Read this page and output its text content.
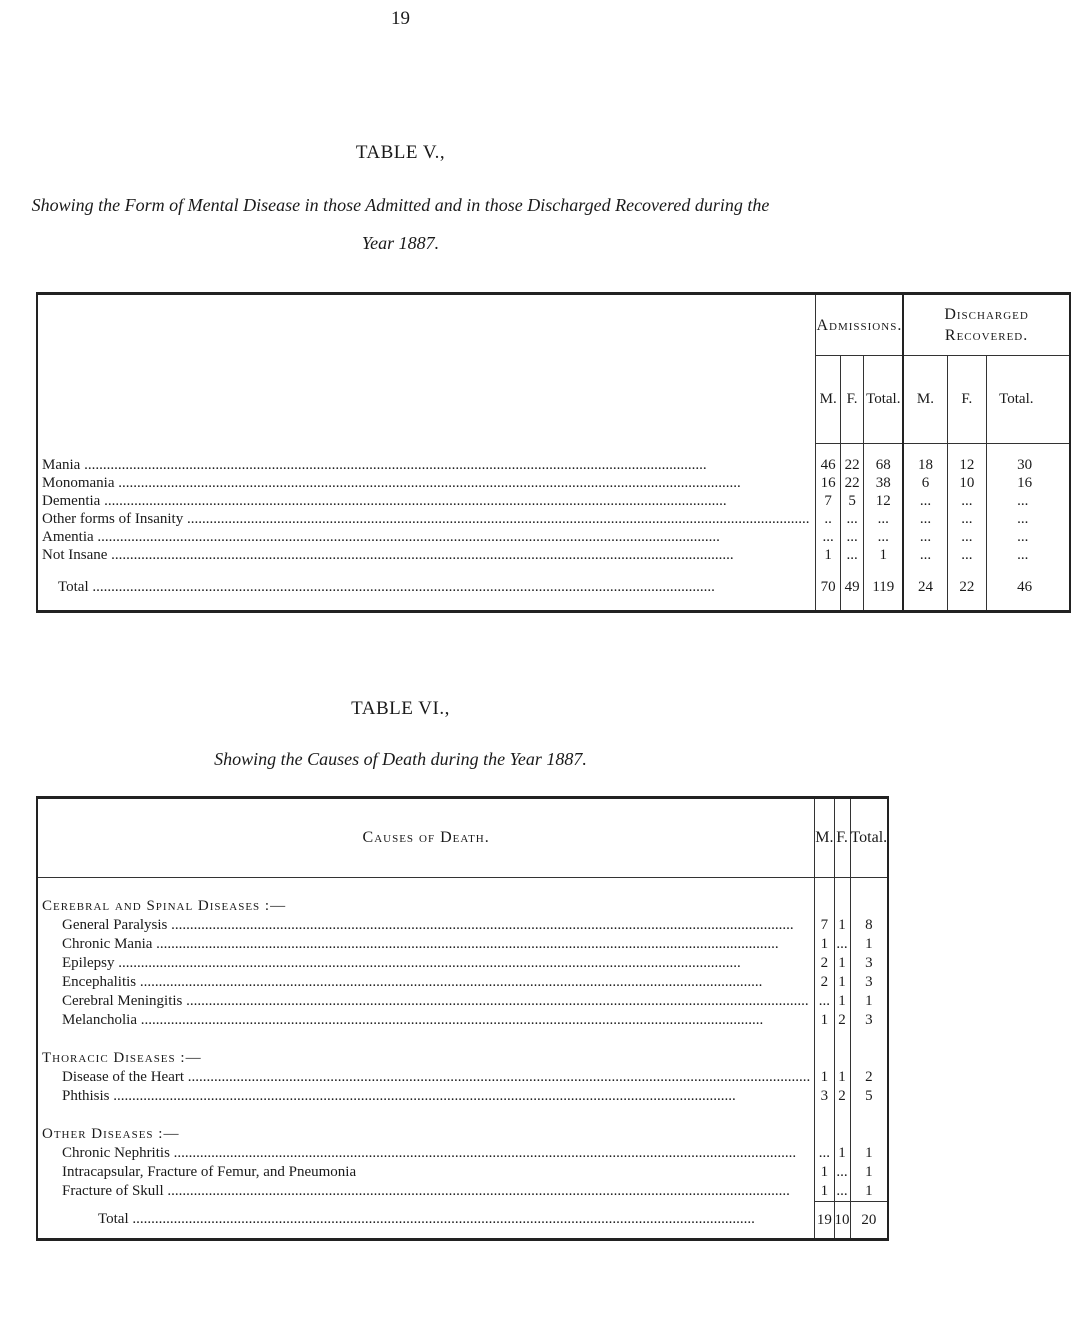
19
TABLE V.,
Showing the Form of Mental Disease in those Admitted and in those Discharged Recovered during the Year 1887.
	Admissions.			Discharged Recovered.		
	M.	F.	Total.	M.	F.	Total.

Mania .....	46	22	68	18	12	30
Monomania .....	16	22	38	6	10	16
Dementia .....	7	5	12	...	...	...
Other forms of Insanity .....	..	...	...	...	...	...
Amentia .....	...	...	...	...	...	...
Not Insane .....	1	...	1	...	...	...

Total .....	70	49	119	24	22	46
TABLE VI.,
Showing the Causes of Death during the Year 1887.
Causes of Death.	M.	F.	Total.

Cerebral and Spinal Diseases :—			
General Paralysis .....	7	1	8
Chronic Mania .....	1	...	1
Epilepsy .....	2	1	3
Encephalitis .....	2	1	3
Cerebral Meningitis .....	...	1	1
Melancholia .....	1	2	3

Thoracic Diseases :—			
Disease of the Heart .....	1	1	2
Phthisis .....	3	2	5

Other Diseases :—			
Chronic Nephritis .....	...	1	1
Intracapsular, Fracture of Femur, and Pneumonia	1	...	1
Fracture of Skull .....	1	...	1

Total .....	19	10	20
